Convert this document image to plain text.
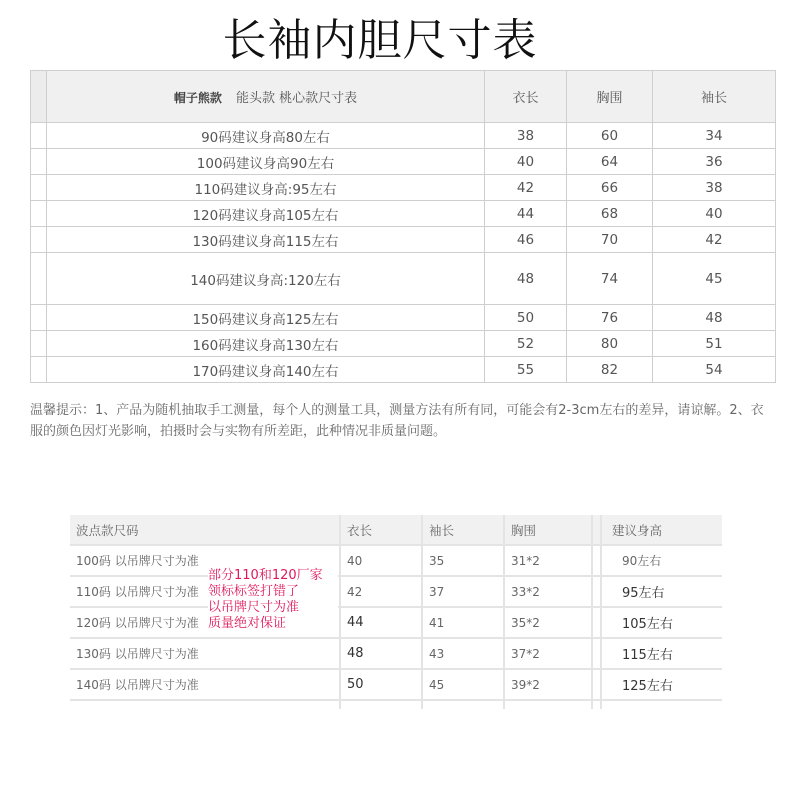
长袖内胆尺寸表
	帽子熊款 能头款 桃心款尺寸表	衣长	胸围	袖长
	90码建议身高80左右	38	60	34
	100码建议身高90左右	40	64	36
	110码建议身高:95左右	42	66	38
	120码建议身高105左右	44	68	40
	130码建议身高115左右	46	70	42
	140码建议身高:120左右	48	74	45
	150码建议身高125左右	50	76	48
	160码建议身高130左右	52	80	51
	170码建议身高140左右	55	82	54
温馨提示：1、产品为随机抽取手工测量，每个人的测量工具，测量方法有所有同，可能会有2-3cm左右的差异，请谅解。2、衣服的颜色因灯光影响，拍摄时会与实物有所差距，此种情况非质量问题。
波点款尺码	衣长	袖长	胸围		建议身高
100码 以吊牌尺寸为准	40	35	31*2		90左右
110码 以吊牌尺寸为准	42	37	33*2		95左右
120码 以吊牌尺寸为准	44	41	35*2		105左右
130码 以吊牌尺寸为准	48	43	37*2		115左右
140码 以吊牌尺寸为准	50	45	39*2		125左右

部分110和120厂家
领标标签打错了
以吊牌尺寸为准
质量绝对保证
